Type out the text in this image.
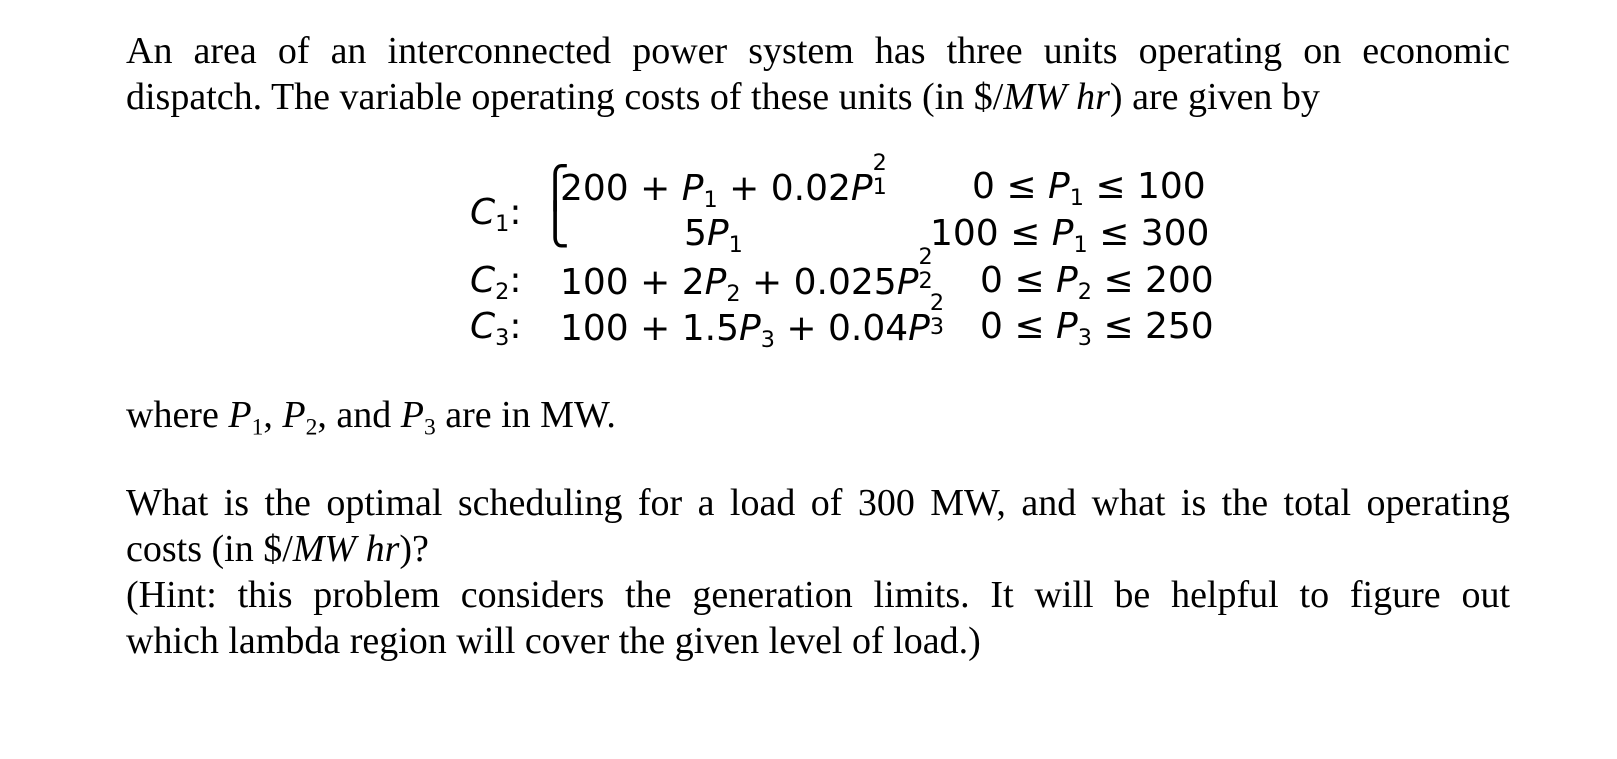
An area of an interconnected power system has three units operating on economic
dispatch. The variable operating costs of these units (in $/MW hr) are given by
$C_1$:
⎧
⎩
$200 + P_1 + 0.02P$
2
1 $0 \le P_1 \le 100$
$5P_1$	$100 \le P_1 \le 300$
$C_2$: $100 + 2P_2 + 0.025P$
2
2 $0 \le P_2 \le 200$
$C_3$: $100 + 1.5P_3 + 0.04P$
2
3 $0 \le P_3 \le 250$
where $P_1$, $P_2$, and $P_3$ are in MW.
What is the optimal scheduling for a load of 300 MW, and what is the total operating
costs (in $/MW hr)?
(Hint: this problem considers the generation limits. It will be helpful to figure out
which lambda region will cover the given level of load.)
